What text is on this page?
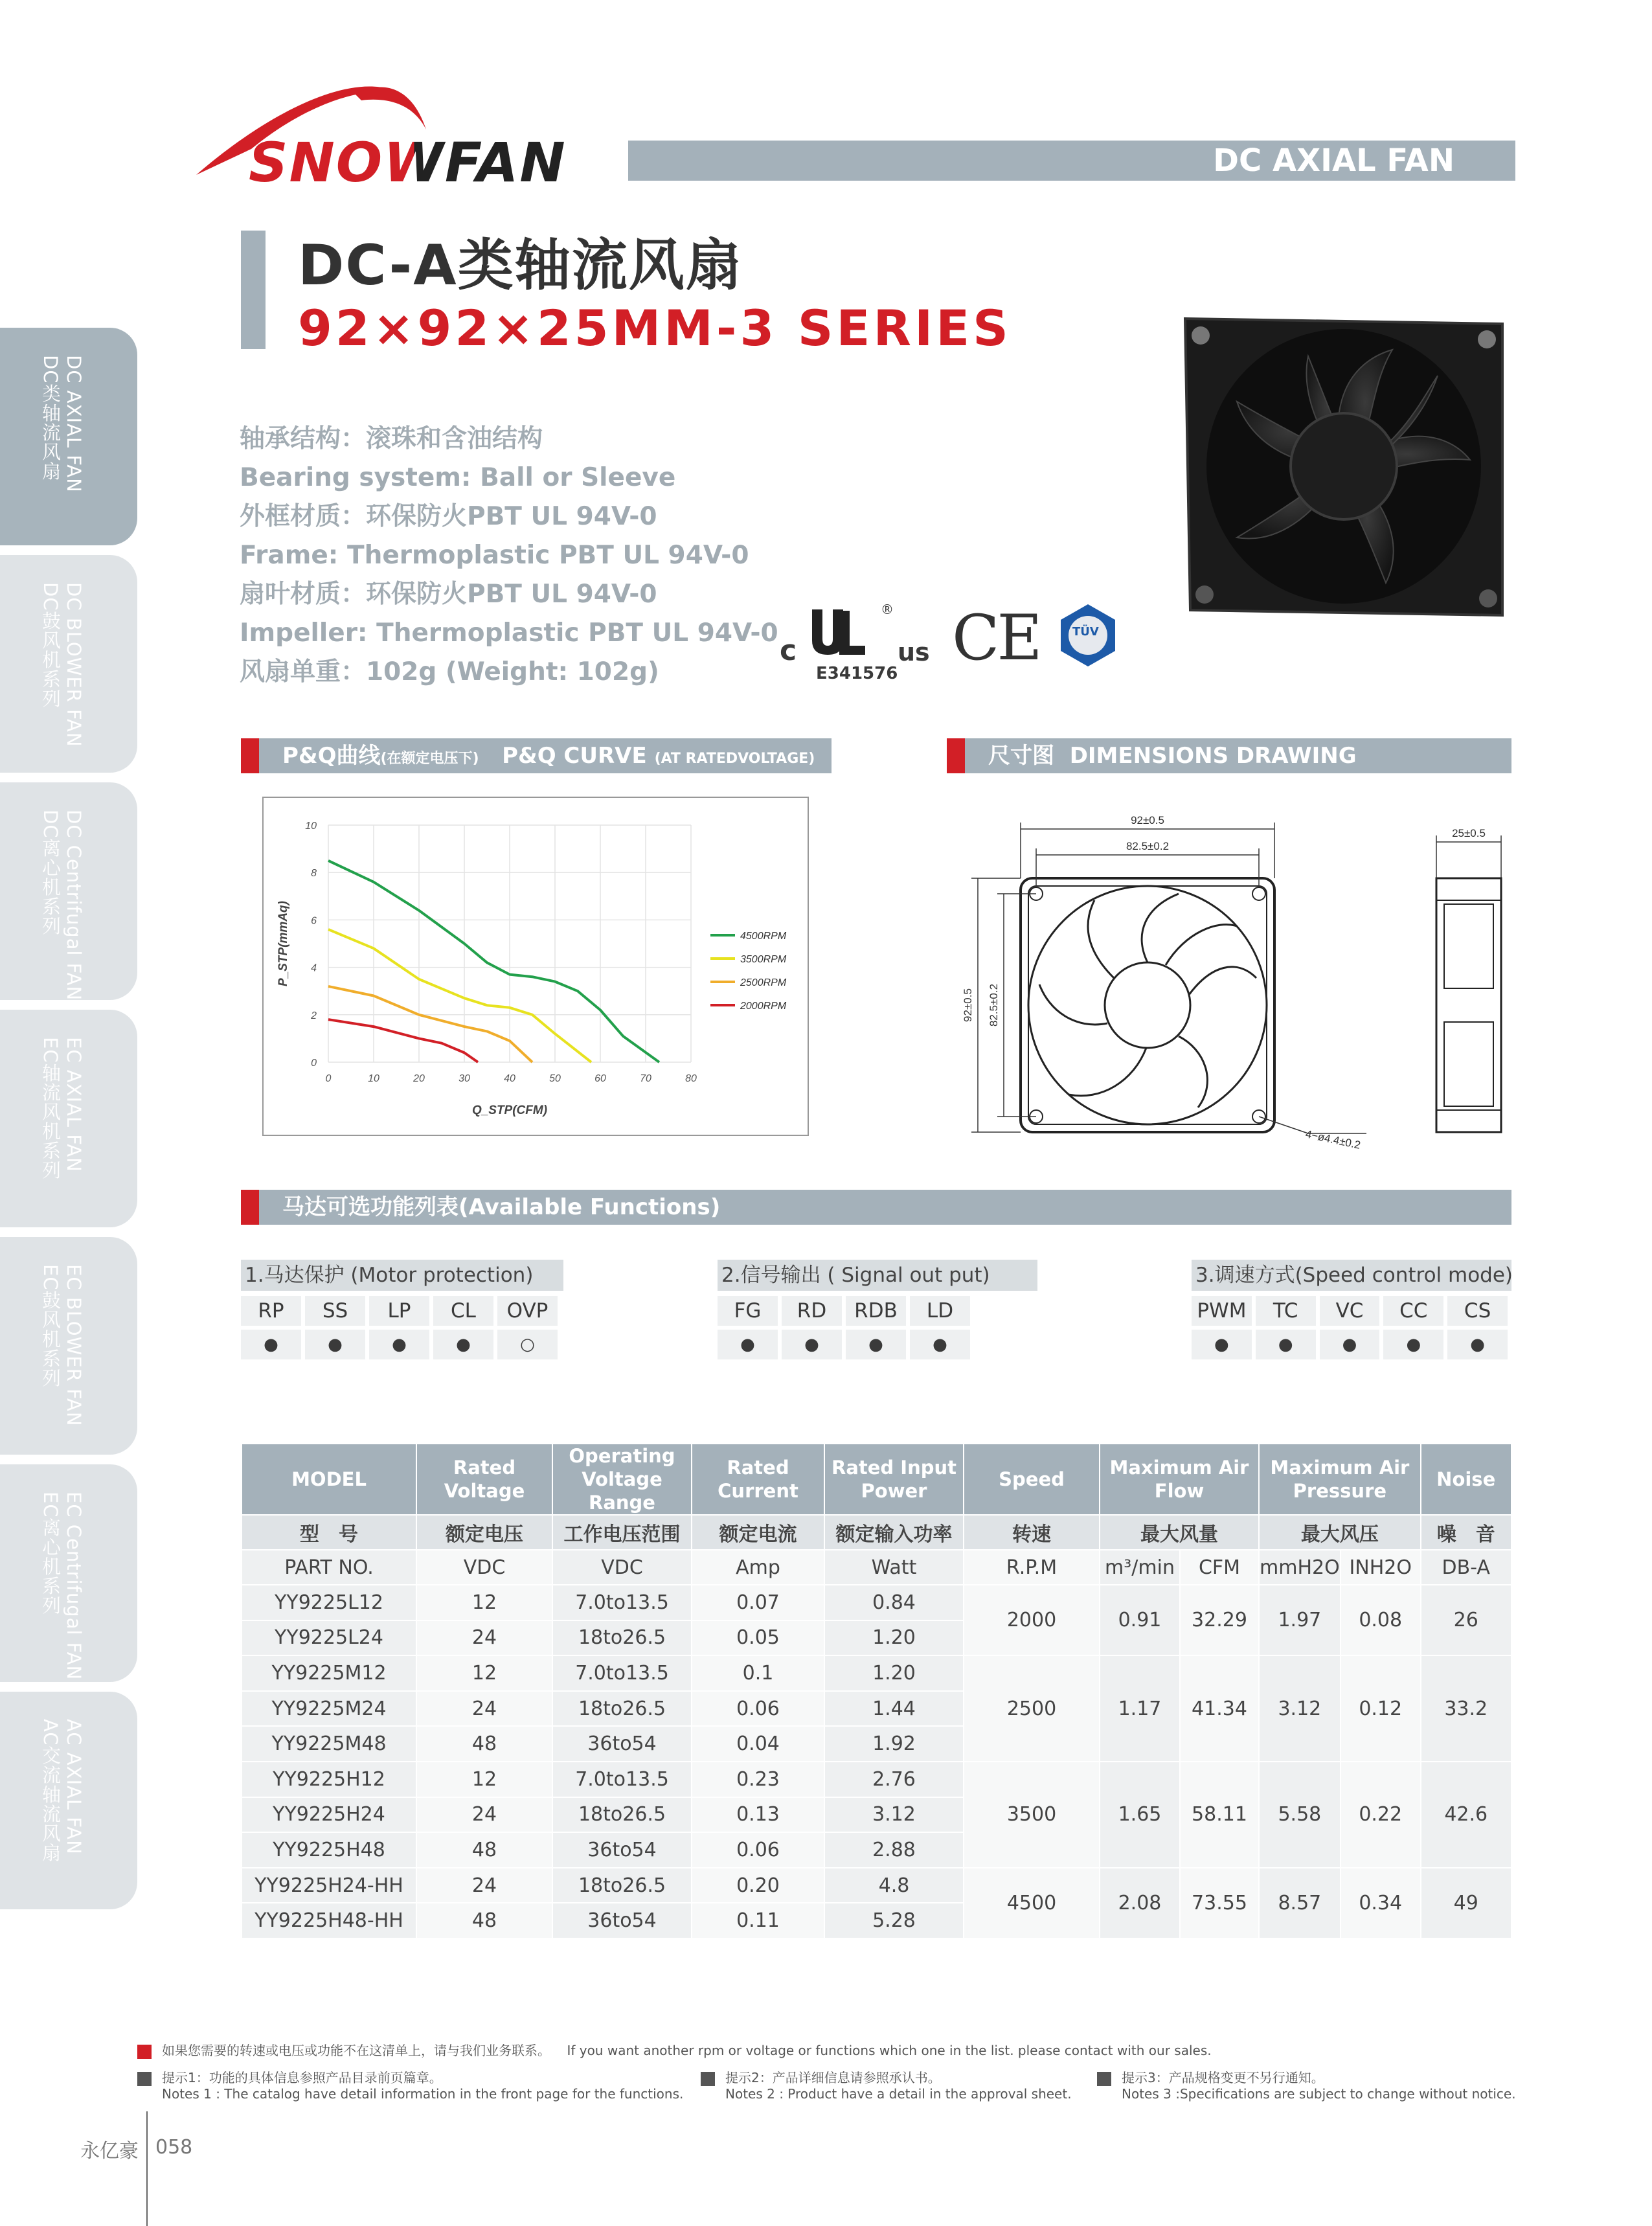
DC AXIAL FAN
DC类轴流风扇
DC BLOWER FAN
DC鼓风机系列
DC Centrifugal FAN
DC离心机系列
EC AXIAL FAN
EC轴流风机系列
EC BLOWER FAN
EC鼓风机系列
EC Centrifugal FAN
EC离心机系列
AC AXIAL FAN
AC交流轴流风扇
SNOWFAN	DC AXIAL FAN
DC-A类轴流风扇
92×92×25MM-3 SERIES
轴承结构：滚珠和含油结构
Bearing system: Ball or Sleeve
外框材质：环保防火PBT UL 94V-0
Frame: Thermoplastic PBT UL 94V-0
扇叶材质：环保防火PBT UL 94V-0
Impeller: Thermoplastic PBT UL 94V-0
风扇单重：102g (Weight: 102g)
c
®
us
E341576 CE	TÜV
P&Q曲线(在额定电压下) P&Q CURVE (AT RATEDVOLTAGE)	尺寸图 DIMENSIONS DRAWING
0	10	20	30	40	50	60	70	80
0
2
4
6
8
10
4500RPM
3500RPM
2500RPM
2000RPM
Q_STP(CFM)
P_STP(mmAq)
92±0.5
82.5±0.2
92±0.5 82.5±0.2
4−ø4.4±0.2
25±0.5
马达可选功能列表(Available Functions)
1.马达保护 (Motor protection)
RP
●
SS
●
LP
●
CL
●
OVP
○
2.信号输出 ( Signal out put)
FG
●
RD
●
RDB
●
LD
●
3.调速方式(Speed control mode)
PWM
●
TC
●
VC
●
CC
●
CS
●
MODEL	Rated Voltage	Operating Voltage Range	Rated Current	Rated Input Power	Speed	Maximum Air Flow		Maximum Air Pressure		Noise
型　号	额定电压	工作电压范围	额定电流	额定输入功率	转速	最大风量		最大风压		噪　音
PART NO.	VDC	VDC	Amp	Watt	R.P.M	m³/min	CFM	mmH2O	INH2O	DB-A
YY9225L12	12	7.0to13.5	0.07	0.84	2000	0.91	32.29	1.97	0.08	26
YY9225L24	24	18to26.5	0.05	1.20						
YY9225M12	12	7.0to13.5	0.1	1.20	2500	1.17	41.34	3.12	0.12	33.2
YY9225M24	24	18to26.5	0.06	1.44						
YY9225M48	48	36to54	0.04	1.92						
YY9225H12	12	7.0to13.5	0.23	2.76	3500	1.65	58.11	5.58	0.22	42.6
YY9225H24	24	18to26.5	0.13	3.12						
YY9225H48	48	36to54	0.06	2.88						
YY9225H24-HH	24	18to26.5	0.20	4.8	4500	2.08	73.55	8.57	0.34	49
YY9225H48-HH	48	36to54	0.11	5.28						
如果您需要的转速或电压或功能不在这清单上，请与我们业务联系。 If you want another rpm or voltage or functions which one in the list. please contact with our sales.
提示1：功能的具体信息参照产品目录前页篇章。
Notes 1 : The catalog have detail information in the front page for the functions.
提示2：产品详细信息请参照承认书。
Notes 2 : Product have a detail in the approval sheet.
提示3：产品规格变更不另行通知。
Notes 3 :Specifications are subject to change without notice.
永亿豪 058
